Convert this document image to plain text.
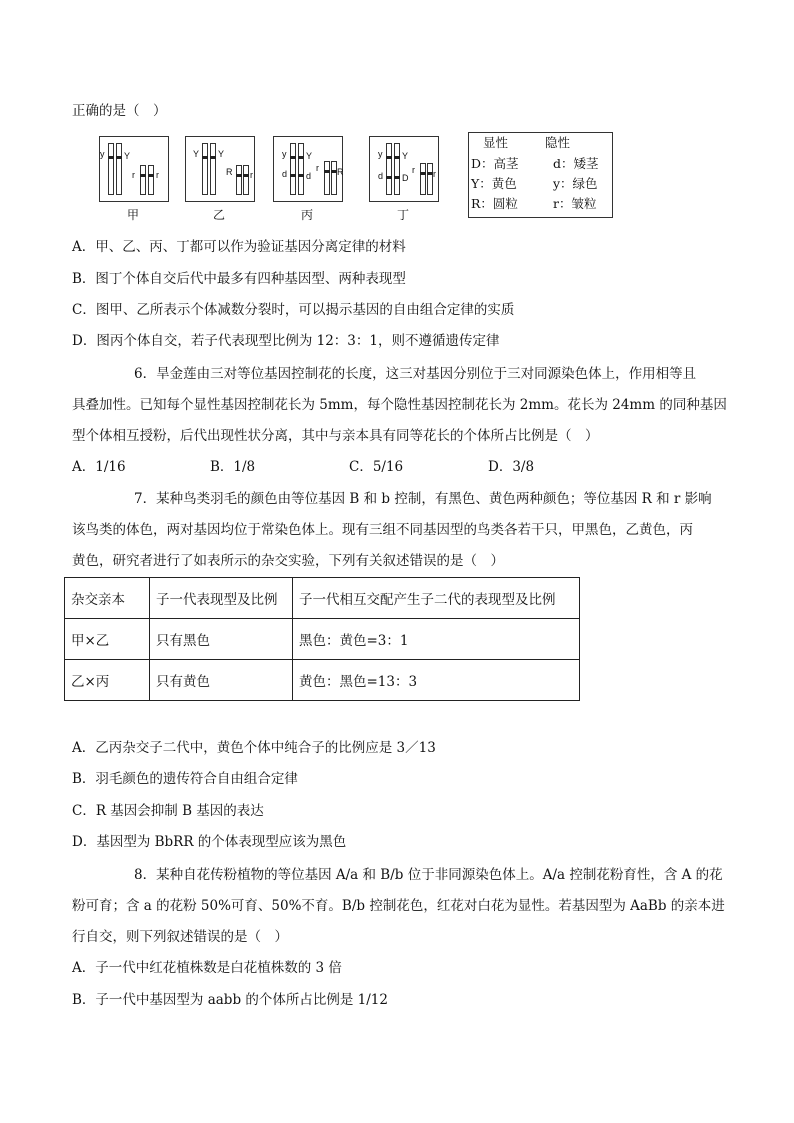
正确的是（　）
y Y
r r
甲
Y Y
R r
乙
y Y
d d
r R
丙
y Y
d D
r r
丁
显性	隐性
D：高茎	d：矮茎
Y：黄色	y：绿色
R：圆粒	r：皱粒
A．甲、乙、丙、丁都可以作为验证基因分离定律的材料
B．图丁个体自交后代中最多有四种基因型、两种表现型
C．图甲、乙所表示个体减数分裂时，可以揭示基因的自由组合定律的实质
D．图丙个体自交，若子代表现型比例为 12：3：1，则不遵循遗传定律
6．旱金莲由三对等位基因控制花的长度，这三对基因分别位于三对同源染色体上，作用相等且
具叠加性。已知每个显性基因控制花长为 5mm，每个隐性基因控制花长为 2mm。花长为 24mm 的同种基因
型个体相互授粉，后代出现性状分离，其中与亲本具有同等花长的个体所占比例是（　）
A．1/16	B．1/8	C．5/16	D．3/8
7．某种鸟类羽毛的颜色由等位基因 B 和 b 控制，有黑色、黄色两种颜色；等位基因 R 和 r 影响
该鸟类的体色，两对基因均位于常染色体上。现有三组不同基因型的鸟类各若干只，甲黑色，乙黄色，丙
黄色，研究者进行了如表所示的杂交实验，下列有关叙述错误的是（　）
杂交亲本	子一代表现型及比例	子一代相互交配产生子二代的表现型及比例
甲×乙	只有黑色	黑色：黄色=3：1
乙×丙	只有黄色	黄色：黑色=13：3
A．乙丙杂交子二代中，黄色个体中纯合子的比例应是 3／13
B．羽毛颜色的遗传符合自由组合定律
C．R 基因会抑制 B 基因的表达
D．基因型为 BbRR 的个体表现型应该为黑色
8．某种自花传粉植物的等位基因 A/a 和 B/b 位于非同源染色体上。A/a 控制花粉育性，含 A 的花
粉可育；含 a 的花粉 50%可育、50%不育。B/b 控制花色，红花对白花为显性。若基因型为 AaBb 的亲本进
行自交，则下列叙述错误的是（　）
A．子一代中红花植株数是白花植株数的 3 倍
B．子一代中基因型为 aabb 的个体所占比例是 1/12
